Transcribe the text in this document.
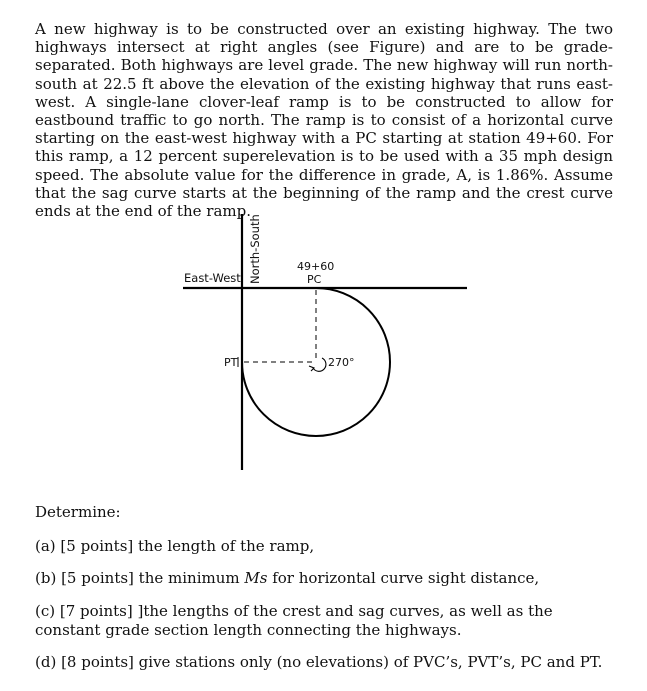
A new highway is to be constructed over an existing highway. The two highways intersect at right angles (see Figure) and are to be grade-separated. Both highways are level grade. The new highway will run north-south at 22.5 ft above the elevation of the existing highway that runs east-west. A single-lane clover-leaf ramp is to be constructed to allow for eastbound traffic to go north. The ramp is to consist of a horizontal curve starting on the east-west highway with a PC starting at station 49+60. For this ramp, a 12 percent superelevation is to be used with a 35 mph design speed. The absolute value for the difference in grade, A, is 1.86%. Assume that the sag curve starts at the beginning of the ramp and the crest curve ends at the end of the ramp.

North-South
East-West
49+60
PC
PT	270°

Determine:

(a) [5 points] the length of the ramp,

(b) [5 points] the minimum Ms for horizontal curve sight distance,

(c) [7 points] ]the lengths of the crest and sag curves, as well as the constant grade section length connecting the highways.

(d) [8 points] give stations only (no elevations) of PVC’s, PVT’s, PC and PT.
